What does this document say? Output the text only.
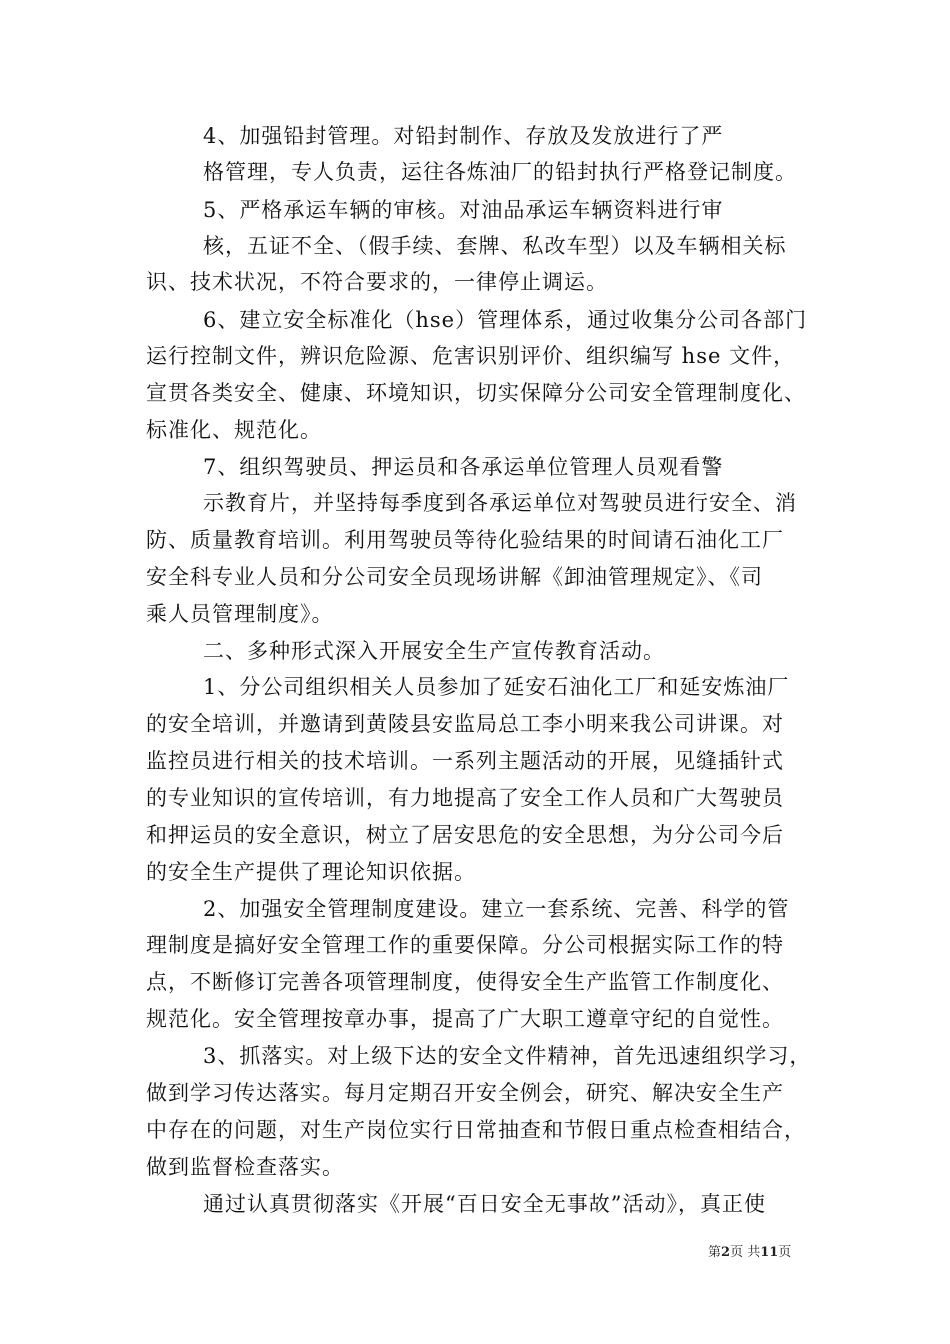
4、加强铅封管理。对铅封制作、存放及发放进行了严
格管理，专人负责，运往各炼油厂的铅封执行严格登记制度。
5、严格承运车辆的审核。对油品承运车辆资料进行审
核，五证不全、（假手续、套牌、私改车型）以及车辆相关标
识、技术状况，不符合要求的，一律停止调运。
6、建立安全标准化（hse）管理体系，通过收集分公司各部门
运行控制文件，辨识危险源、危害识别评价、组织编写 hse 文件，
宣贯各类安全、健康、环境知识，切实保障分公司安全管理制度化、
标准化、规范化。
7、组织驾驶员、押运员和各承运单位管理人员观看警
示教育片，并坚持每季度到各承运单位对驾驶员进行安全、消
防、质量教育培训。利用驾驶员等待化验结果的时间请石油化工厂
安全科专业人员和分公司安全员现场讲解《卸油管理规定》、《司
乘人员管理制度》。
二、多种形式深入开展安全生产宣传教育活动。
1、分公司组织相关人员参加了延安石油化工厂和延安炼油厂
的安全培训，并邀请到黄陵县安监局总工李小明来我公司讲课。对
监控员进行相关的技术培训。一系列主题活动的开展，见缝插针式
的专业知识的宣传培训，有力地提高了安全工作人员和广大驾驶员
和押运员的安全意识，树立了居安思危的安全思想，为分公司今后
的安全生产提供了理论知识依据。
2、加强安全管理制度建设。建立一套系统、完善、科学的管
理制度是搞好安全管理工作的重要保障。分公司根据实际工作的特
点，不断修订完善各项管理制度，使得安全生产监管工作制度化、
规范化。安全管理按章办事，提高了广大职工遵章守纪的自觉性。
3、抓落实。对上级下达的安全文件精神，首先迅速组织学习，
做到学习传达落实。每月定期召开安全例会，研究、解决安全生产
中存在的问题，对生产岗位实行日常抽查和节假日重点检查相结合，
做到监督检查落实。
通过认真贯彻落实《开展“百日安全无事故”活动》，真正使
第2页 共11页
